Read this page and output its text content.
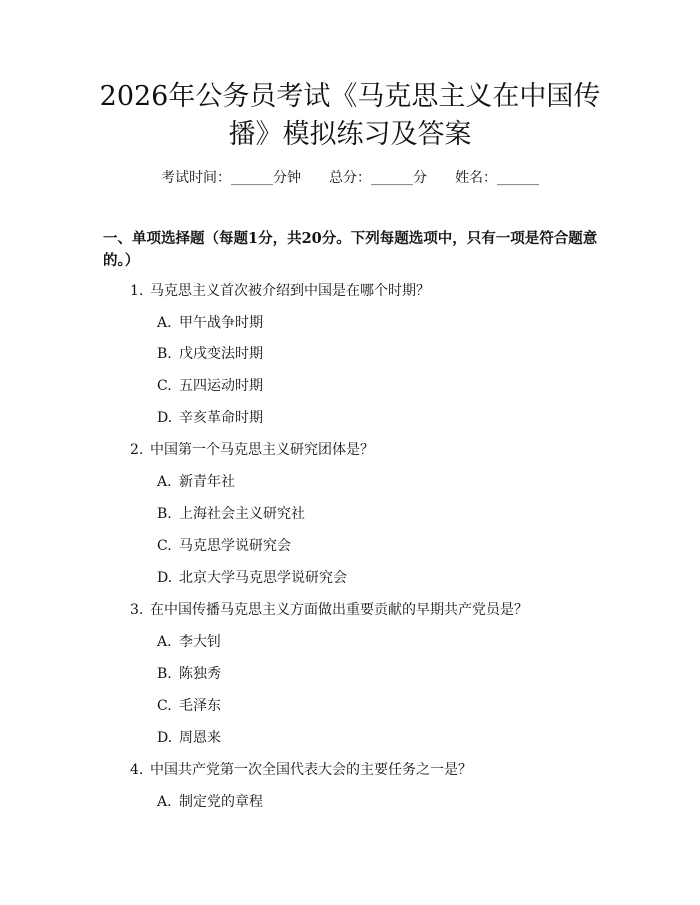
2026年公务员考试《马克思主义在中国传播》模拟练习及答案
考试时间：______分钟 总分：______分 姓名：______

一、单项选择题（每题1分，共20分。下列每题选项中，只有一项是符合题意的。）

1. 马克思主义首次被介绍到中国是在哪个时期？

A. 甲午战争时期

B. 戊戌变法时期

C. 五四运动时期

D. 辛亥革命时期

2. 中国第一个马克思主义研究团体是？

A. 新青年社

B. 上海社会主义研究社

C. 马克思学说研究会

D. 北京大学马克思学说研究会

3. 在中国传播马克思主义方面做出重要贡献的早期共产党员是？

A. 李大钊

B. 陈独秀

C. 毛泽东

D. 周恩来

4. 中国共产党第一次全国代表大会的主要任务之一是？

A. 制定党的章程
